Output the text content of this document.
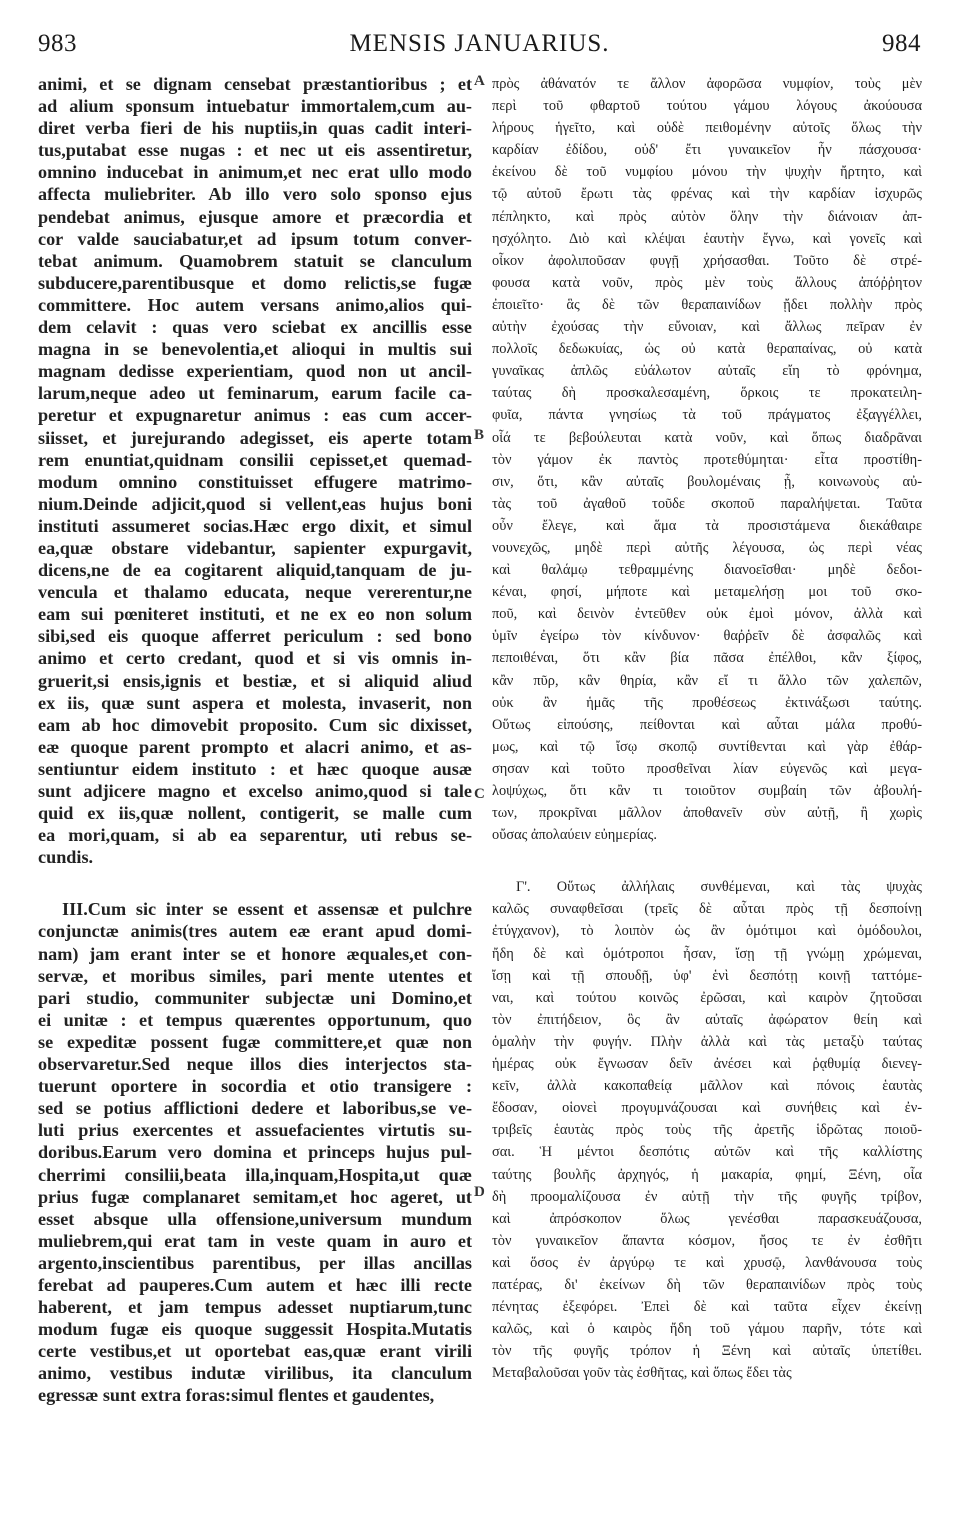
983	MENSIS JANUARIUS.	984
animi, et se dignam censebat præstantioribus ; et
ad alium sponsum intuebatur immortalem,cum au-
diret verba fieri de his nuptiis,in quas cadit interi-
tus,putabat esse nugas : et nec ut eis assentiretur,
omnino inducebat in animum,et nec erat ullo modo
affecta muliebriter. Ab illo vero solo sponso ejus
pendebat animus, ejusque amore et præcordia et
cor valde sauciabatur,et ad ipsum totum conver-
tebat animum. Quamobrem statuit se clanculum
subducere,parentibusque et domo relictis,se fugæ
committere. Hoc autem versans animo,alios qui-
dem celavit : quas vero sciebat ex ancillis esse
magna in se benevolentia,et alioqui in multis sui
magnam dedisse experientiam, quod non ut ancil-
larum,neque adeo ut feminarum, earum facile ca-
peretur et expugnaretur animus : eas cum accer-
siisset, et jurejurando adegisset, eis aperte totam
rem enuntiat,quidnam consilii cepisset,et quemad-
modum omnino constituisset effugere matrimo-
nium.Deinde adjicit,quod si vellent,eas hujus boni
instituti assumeret socias.Hæc ergo dixit, et simul
ea,quæ obstare videbantur, sapienter expurgavit,
dicens,ne de ea cogitarent aliquid,tanquam de ju-
vencula et thalamo educata, neque vererentur,ne
eam sui pœniteret instituti, et ne ex eo non solum
sibi,sed eis quoque afferret periculum : sed bono
animo et certo credant, quod et si vis omnis in-
gruerit,si ensis,ignis et bestiæ, et si aliquid aliud
ex iis, quæ sunt aspera et molesta, invaserit, non
eam ab hoc dimovebit proposito. Cum sic dixisset,
eæ quoque parent prompto et alacri animo, et as-
sentiuntur eidem instituto : et hæc quoque ausæ
sunt adjicere magno et excelso animo,quod si tale
quid ex iis,quæ nollent, contigerit, se malle cum
ea mori,quam, si ab ea separentur, uti rebus se-
cundis.
III.Cum sic inter se essent et assensæ et pulchre
conjunctæ animis(tres autem eæ erant apud domi-
nam) jam erant inter se et honore æquales,et con-
servæ, et moribus similes, pari mente utentes et
pari studio, communiter subjectæ uni Domino,et
ei unitæ : et tempus quærentes opportunum, quo
se expeditæ possent fugæ committere,et quæ non
observaretur.Sed neque illos dies interjectos sta-
tuerunt oportere in socordia et otio transigere :
sed se potius afflictioni dedere et laboribus,se ve-
luti prius exercentes et assuefacientes virtutis su-
doribus.Earum vero domina et princeps hujus pul-
cherrimi consilii,beata illa,inquam,Hospita,ut quæ
prius fugæ complanaret semitam,et hoc ageret, ut
esset absque ulla offensione,universum mundum
muliebrem,qui erat tam in veste quam in auro et
argento,inscientibus parentibus, per illas ancillas
ferebat ad pauperes.Cum autem et hæc illi recte
haberent, et jam tempus adesset nuptiarum,tunc
modum fugæ eis quoque suggessit Hospita.Mutatis
certe vestibus,et ut oportebat eas,quæ erant virili
animo, vestibus indutæ virilibus, ita clanculum
egressæ sunt extra foras:simul flentes et gaudentes,
πρὸς ἀθάνατόν τε ἄλλον ἀφορῶσα νυμφίον, τοὺς μὲν
περὶ τοῦ φθαρτοῦ τούτου γάμου λόγους ἀκούουσα
λήρους ἡγεῖτο, καὶ οὐδὲ πειθομένην αὐτοῖς ὅλως τὴν
καρδίαν ἐδίδου, οὐδ' ἔτι γυναικεῖον ἦν πάσχουσα·
ἐκείνου δὲ τοῦ νυμφίου μόνου τὴν ψυχὴν ἤρτητο, καὶ
τῷ αὐτοῦ ἔρωτι τὰς φρένας καὶ τὴν καρδίαν ἰσχυρῶς
πέπληκτο, καὶ πρὸς αὐτὸν ὅλην τὴν διάνοιαν ἀπ-
ησχόλητο. Διὸ καὶ κλέψαι ἑαυτὴν ἔγνω, καὶ γονεῖς καὶ
οἶκον ἀφολιποῦσαν φυγῇ χρήσασθαι. Τοῦτο δὲ στρέ-
φουσα κατὰ νοῦν, πρὸς μὲν τοὺς ἄλλους ἀπόῤῥητον
ἐποιεῖτο· ἃς δὲ τῶν θεραπαινίδων ᾔδει πολλὴν πρὸς
αὐτὴν ἐχούσας τὴν εὔνοιαν, καὶ ἄλλως πεῖραν ἐν
πολλοῖς δεδωκυίας, ὡς οὐ κατὰ θεραπαίνας, οὐ κατὰ
γυναῖκας ἁπλῶς εὐάλωτον αὐταῖς εἴη τὸ φρόνημα,
ταύτας δὴ προσκαλεσαμένη, ὅρκοις τε προκατειλη-
φυῖα, πάντα γνησίως τὰ τοῦ πράγματος ἐξαγγέλλει,
οἷά τε βεβούλευται κατὰ νοῦν, καὶ ὅπως διαδρᾶναι
τὸν γάμον ἐκ παντὸς προτεθύμηται· εἶτα προστίθη-
σιν, ὅτι, κἂν αὐταῖς βουλομέναις ᾖ, κοινωνοὺς αὐ-
τὰς τοῦ ἀγαθοῦ τοῦδε σκοποῦ παραλήψεται. Ταῦτα
οὖν ἔλεγε, καὶ ἅμα τὰ προσιστάμενα διεκάθαιρε
νουνεχῶς, μηδὲ περὶ αὐτῆς λέγουσα, ὡς περὶ νέας
καὶ θαλάμῳ τεθραμμένης διανοεῖσθαι· μηδὲ δεδοι-
κέναι, φησί, μήποτε καὶ μεταμελήσῃ μοι τοῦ σκο-
ποῦ, καὶ δεινὸν ἐντεῦθεν οὐκ ἐμοὶ μόνον, ἀλλὰ καὶ
ὑμῖν ἐγείρω τὸν κίνδυνον· θαῤῥεῖν δὲ ἀσφαλῶς καὶ
πεποιθέναι, ὅτι κἂν βία πᾶσα ἐπέλθοι, κἂν ξίφος,
κἂν πῦρ, κἂν θηρία, κἂν εἴ τι ἄλλο τῶν χαλεπῶν,
οὐκ ἂν ἡμᾶς τῆς προθέσεως ἐκτινάξωσι ταύτης.
Οὕτως εἰπούσης, πείθονται καὶ αὗται μάλα προθύ-
μως, καὶ τῷ ἴσῳ σκοπῷ συντίθενται καὶ γὰρ ἐθάρ-
σησαν καὶ τοῦτο προσθεῖναι λίαν εὐγενῶς καὶ μεγα-
λοψύχως, ὅτι κἂν τι τοιοῦτον συμβαίη τῶν ἀβουλή-
των, προκρῖναι μᾶλλον ἀποθανεῖν σὺν αὐτῇ, ἢ χωρὶς
οὔσας ἀπολαύειν εὐημερίας.
Γ'. Οὕτως ἀλλήλαις συνθέμεναι, καὶ τὰς ψυχὰς
καλῶς συναφθεῖσαι (τρεῖς δὲ αὗται πρὸς τῇ δεσποίνῃ
ἐτύγχανον), τὸ λοιπὸν ὡς ἂν ὁμότιμοι καὶ ὁμόδουλοι,
ἤδη δὲ καὶ ὁμότροποι ἦσαν, ἴσῃ τῇ γνώμῃ χρώμεναι,
ἴσῃ καὶ τῇ σπουδῇ, ὑφ' ἑνὶ δεσπότῃ κοινῇ ταττόμε-
ναι, καὶ τούτου κοινῶς ἐρῶσαι, καὶ καιρὸν ζητοῦσαι
τὸν ἐπιτήδειον, ὃς ἂν αὐταῖς ἀφώρατον θείη καὶ
ὁμαλὴν τὴν φυγήν. Πλὴν ἀλλὰ καὶ τὰς μεταξὺ ταύτας
ἡμέρας οὐκ ἔγνωσαν δεῖν ἀνέσει καὶ ῥᾳθυμίᾳ διενεγ-
κεῖν, ἀλλὰ κακοπαθείᾳ μᾶλλον καὶ πόνοις ἑαυτὰς
ἔδοσαν, οἱονεὶ προγυμνάζουσαι καὶ συνήθεις καὶ ἐν-
τριβεῖς ἑαυτὰς πρὸς τοὺς τῆς ἀρετῆς ἱδρῶτας ποιοῦ-
σαι. Ἡ μέντοι δεσπότις αὐτῶν καὶ τῆς καλλίστης
ταύτης βουλῆς ἀρχηγός, ἡ μακαρία, φημί, Ξένη, οἷα
δὴ προομαλίζουσα ἐν αὐτῇ τὴν τῆς φυγῆς τρίβον,
καὶ ἀπρόσκοπον ὅλως γενέσθαι παρασκευάζουσα,
τὸν γυναικεῖον ἅπαντα κόσμον, ἤσος τε ἐν ἐσθῆτι
καὶ ὅσος ἐν ἀργύρῳ τε καὶ χρυσῷ, λανθάνουσα τοὺς
πατέρας, δι' ἐκείνων δὴ τῶν θεραπαινίδων πρὸς τοὺς
πένητας ἐξεφόρει. Ἐπεὶ δὲ καὶ ταῦτα εἶχεν ἐκείνῃ
καλῶς, καὶ ὁ καιρὸς ἤδη τοῦ γάμου παρῆν, τότε καὶ
τὸν τῆς φυγῆς τρόπον ἡ Ξένη καὶ αὐταῖς ὑπετίθει.
Μεταβαλοῦσαι γοῦν τὰς ἐσθῆτας, καὶ ὅπως ἔδει τὰς
A
B
C
D
